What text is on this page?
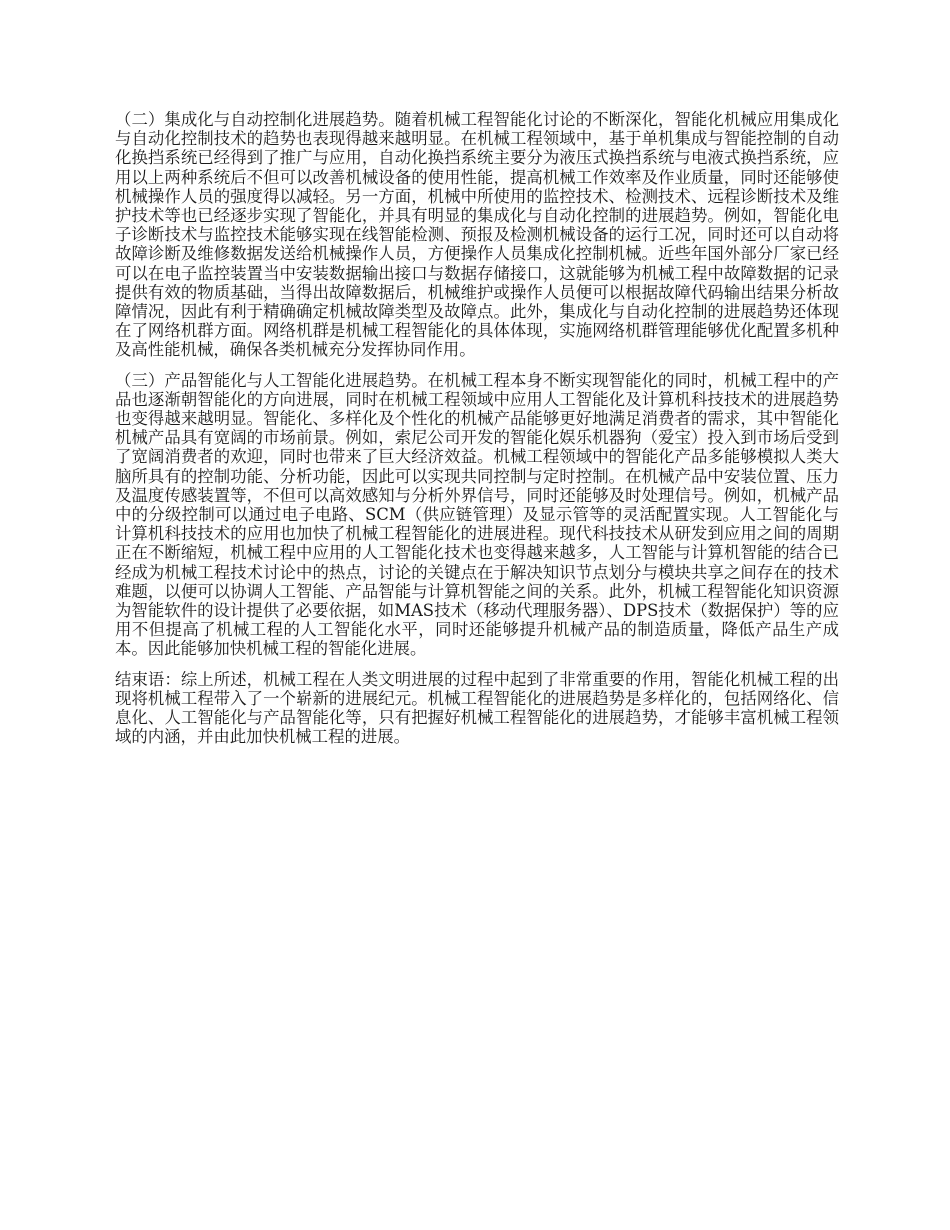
（二）集成化与自动控制化进展趋势。随着机械工程智能化讨论的不断深化，智能化机械应用集成化与自动化控制技术的趋势也表现得越来越明显。在机械工程领域中，基于单机集成与智能控制的自动化换挡系统已经得到了推广与应用，自动化换挡系统主要分为液压式换挡系统与电液式换挡系统，应用以上两种系统后不但可以改善机械设备的使用性能，提高机械工作效率及作业质量，同时还能够使机械操作人员的强度得以减轻。另一方面，机械中所使用的监控技术、检测技术、远程诊断技术及维护技术等也已经逐步实现了智能化，并具有明显的集成化与自动化控制的进展趋势。例如，智能化电子诊断技术与监控技术能够实现在线智能检测、预报及检测机械设备的运行工况，同时还可以自动将故障诊断及维修数据发送给机械操作人员，方便操作人员集成化控制机械。近些年国外部分厂家已经可以在电子监控装置当中安装数据输出接口与数据存储接口，这就能够为机械工程中故障数据的记录提供有效的物质基础，当得出故障数据后，机械维护或操作人员便可以根据故障代码输出结果分析故障情况，因此有利于精确确定机械故障类型及故障点。此外，集成化与自动化控制的进展趋势还体现在了网络机群方面。网络机群是机械工程智能化的具体体现，实施网络机群管理能够优化配置多机种及高性能机械，确保各类机械充分发挥协同作用。

（三）产品智能化与人工智能化进展趋势。在机械工程本身不断实现智能化的同时，机械工程中的产品也逐渐朝智能化的方向进展，同时在机械工程领域中应用人工智能化及计算机科技技术的进展趋势也变得越来越明显。智能化、多样化及个性化的机械产品能够更好地满足消费者的需求，其中智能化机械产品具有宽阔的市场前景。例如，索尼公司开发的智能化娱乐机器狗（爱宝）投入到市场后受到了宽阔消费者的欢迎，同时也带来了巨大经济效益。机械工程领域中的智能化产品多能够模拟人类大脑所具有的控制功能、分析功能，因此可以实现共同控制与定时控制。在机械产品中安装位置、压力及温度传感装置等，不但可以高效感知与分析外界信号，同时还能够及时处理信号。例如，机械产品中的分级控制可以通过电子电路、SCM（供应链管理）及显示管等的灵活配置实现。人工智能化与计算机科技技术的应用也加快了机械工程智能化的进展进程。现代科技技术从研发到应用之间的周期正在不断缩短，机械工程中应用的人工智能化技术也变得越来越多，人工智能与计算机智能的结合已经成为机械工程技术讨论中的热点，讨论的关键点在于解决知识节点划分与模块共享之间存在的技术难题，以便可以协调人工智能、产品智能与计算机智能之间的关系。此外，机械工程智能化知识资源为智能软件的设计提供了必要依据，如MAS技术（移动代理服务器）、DPS技术（数据保护）等的应用不但提高了机械工程的人工智能化水平，同时还能够提升机械产品的制造质量，降低产品生产成本。因此能够加快机械工程的智能化进展。

结束语：综上所述，机械工程在人类文明进展的过程中起到了非常重要的作用，智能化机械工程的出现将机械工程带入了一个崭新的进展纪元。机械工程智能化的进展趋势是多样化的，包括网络化、信息化、人工智能化与产品智能化等，只有把握好机械工程智能化的进展趋势，才能够丰富机械工程领域的内涵，并由此加快机械工程的进展。
